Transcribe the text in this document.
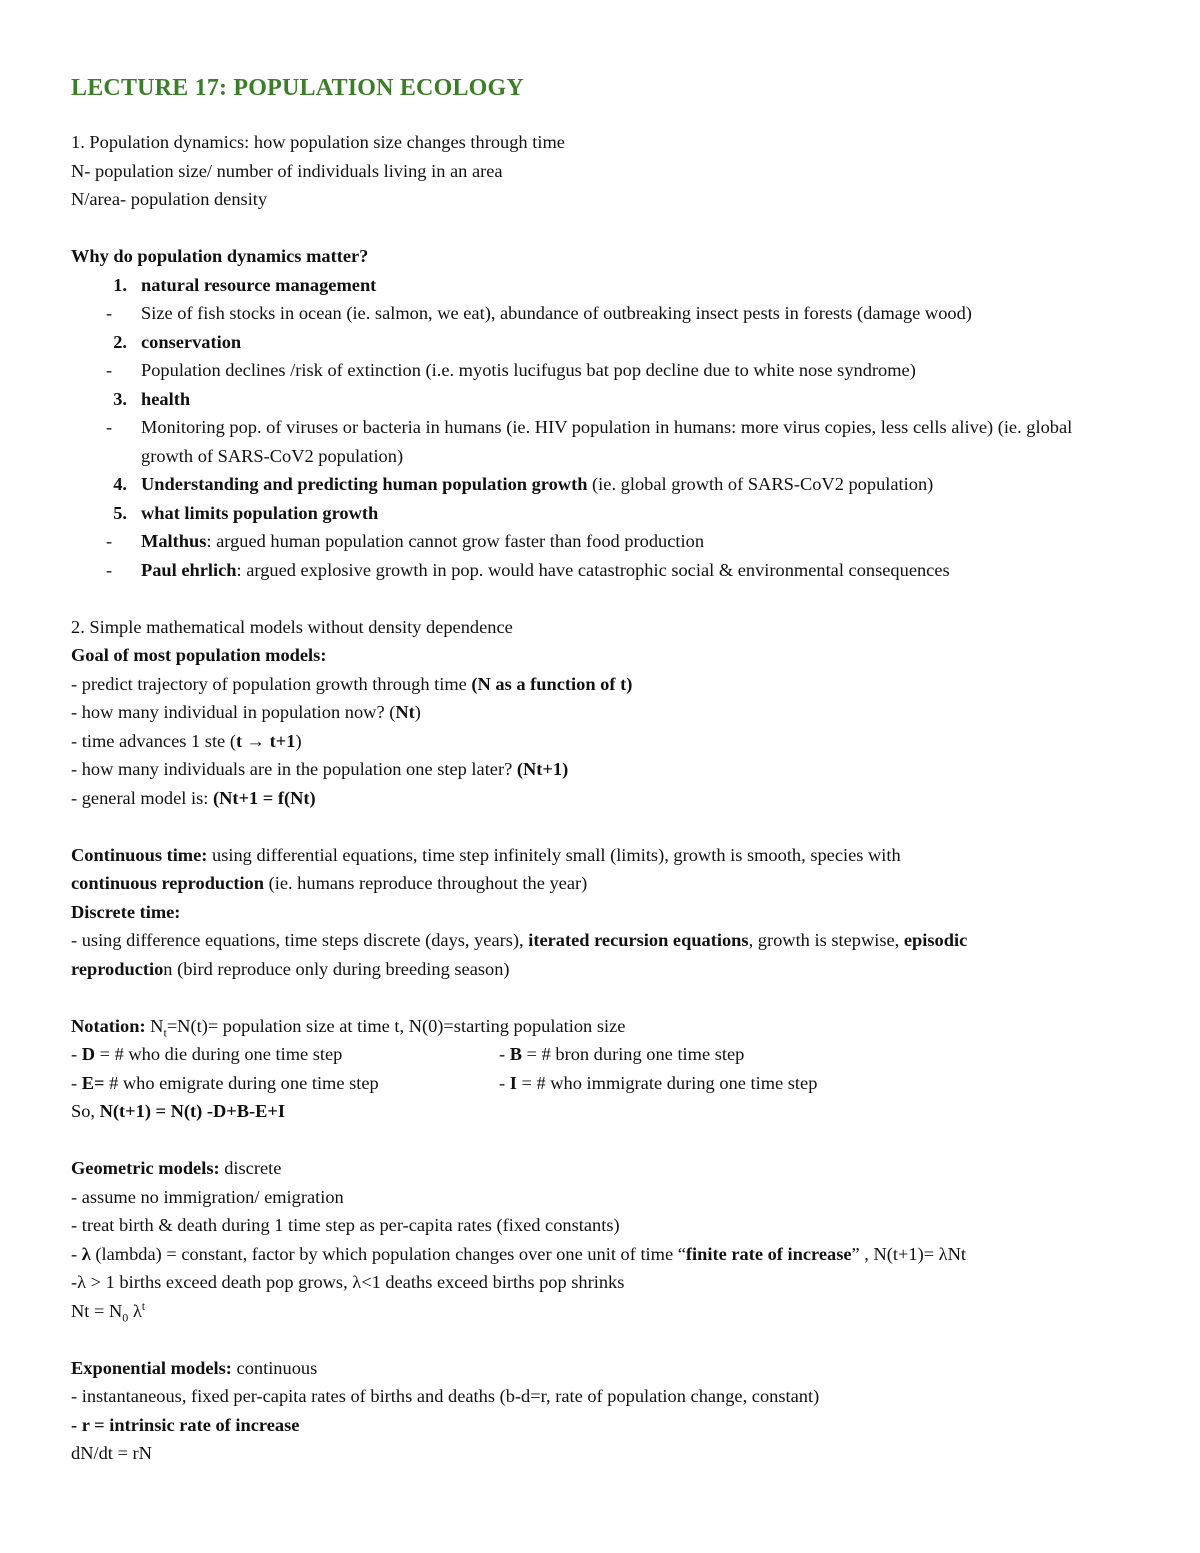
LECTURE 17: POPULATION ECOLOGY
1. Population dynamics: how population size changes through time
N- population size/ number of individuals living in an area
N/area- population density
Why do population dynamics matter?
1. natural resource management
-	Size of fish stocks in ocean (ie. salmon, we eat), abundance of outbreaking insect pests in forests (damage wood)
2. conservation
-	Population declines /risk of extinction (i.e. myotis lucifugus bat pop decline due to white nose syndrome)
3. health
-	Monitoring pop. of viruses or bacteria in humans (ie. HIV population in humans: more virus copies, less cells alive) (ie. global growth of SARS-CoV2 population)
4. Understanding and predicting human population growth (ie. global growth of SARS-CoV2 population)
5. what limits population growth
-	Malthus: argued human population cannot grow faster than food production
-	Paul ehrlich: argued explosive growth in pop. would have catastrophic social & environmental consequences
2. Simple mathematical models without density dependence
Goal of most population models:
- predict trajectory of population growth through time (N as a function of t)
- how many individual in population now? (Nt)
- time advances 1 ste (t → t+1)
- how many individuals are in the population one step later? (Nt+1)
- general model is: (Nt+1 = f(Nt)
Continuous time: using differential equations, time step infinitely small (limits), growth is smooth, species with
continuous reproduction (ie. humans reproduce throughout the year)
Discrete time:
- using difference equations, time steps discrete (days, years), iterated recursion equations, growth is stepwise, episodic
reproduction (bird reproduce only during breeding season)
Notation: $N_t=N(t)=$ population size at time t, N(0)=starting population size
- D = # who die during one time step	- B = # bron during one time step
- E= # who emigrate during one time step	- I = # who immigrate during one time step
So, N(t+1) = N(t) -D+B-E+I
Geometric models: discrete
- assume no immigration/ emigration
- treat birth & death during 1 time step as per-capita rates (fixed constants)
- λ (lambda) = constant, factor by which population changes over one unit of time “finite rate of increase” , N(t+1)= λNt
-λ > 1 births exceed death pop grows, λ<1 deaths exceed births pop shrinks
$Nt = N_0$ $\lambda^t$
Exponential models: continuous
- instantaneous, fixed per-capita rates of births and deaths (b-d=r, rate of population change, constant)
- r = intrinsic rate of increase
dN/dt = rN
